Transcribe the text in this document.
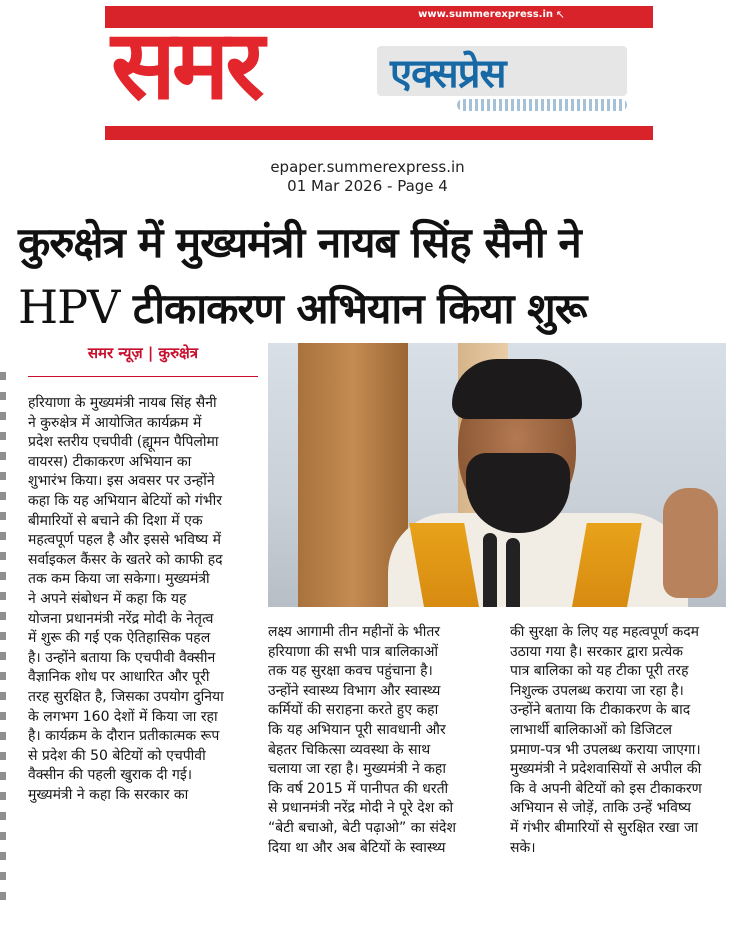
www.summerexpress.in ↖
समर	एक्सप्रेस
epaper.summerexpress.in
01 Mar 2026 - Page 4
कुरुक्षेत्र में मुख्यमंत्री नायब सिंह सैनी ने
HPV टीकाकरण अभियान किया शुरू
समर न्यूज़ | कुरुक्षेत्र

हरियाणा के मुख्यमंत्री नायब सिंह सैनी
ने कुरुक्षेत्र में आयोजित कार्यक्रम में
प्रदेश स्तरीय एचपीवी (ह्यूमन पैपिलोमा
वायरस) टीकाकरण अभियान का
शुभारंभ किया। इस अवसर पर उन्होंने
कहा कि यह अभियान बेटियों को गंभीर
बीमारियों से बचाने की दिशा में एक
महत्वपूर्ण पहल है और इससे भविष्य में
सर्वाइकल कैंसर के खतरे को काफी हद
तक कम किया जा सकेगा। मुख्यमंत्री
ने अपने संबोधन में कहा कि यह
योजना प्रधानमंत्री नरेंद्र मोदी के नेतृत्व
में शुरू की गई एक ऐतिहासिक पहल
है। उन्होंने बताया कि एचपीवी वैक्सीन
वैज्ञानिक शोध पर आधारित और पूरी
तरह सुरक्षित है, जिसका उपयोग दुनिया
के लगभग 160 देशों में किया जा रहा
है। कार्यक्रम के दौरान प्रतीकात्मक रूप
से प्रदेश की 50 बेटियों को एचपीवी
वैक्सीन की पहली खुराक दी गई।
मुख्यमंत्री ने कहा कि सरकार का

लक्ष्य आगामी तीन महीनों के भीतर
हरियाणा की सभी पात्र बालिकाओं
तक यह सुरक्षा कवच पहुंचाना है।
उन्होंने स्वास्थ्य विभाग और स्वास्थ्य
कर्मियों की सराहना करते हुए कहा
कि यह अभियान पूरी सावधानी और
बेहतर चिकित्सा व्यवस्था के साथ
चलाया जा रहा है। मुख्यमंत्री ने कहा
कि वर्ष 2015 में पानीपत की धरती
से प्रधानमंत्री नरेंद्र मोदी ने पूरे देश को
“बेटी बचाओ, बेटी पढ़ाओ” का संदेश
दिया था और अब बेटियों के स्वास्थ्य

की सुरक्षा के लिए यह महत्वपूर्ण कदम
उठाया गया है। सरकार द्वारा प्रत्येक
पात्र बालिका को यह टीका पूरी तरह
निशुल्क उपलब्ध कराया जा रहा है।
उन्होंने बताया कि टीकाकरण के बाद
लाभार्थी बालिकाओं को डिजिटल
प्रमाण-पत्र भी उपलब्ध कराया जाएगा।
मुख्यमंत्री ने प्रदेशवासियों से अपील की
कि वे अपनी बेटियों को इस टीकाकरण
अभियान से जोड़ें, ताकि उन्हें भविष्य
में गंभीर बीमारियों से सुरक्षित रखा जा
सके।
